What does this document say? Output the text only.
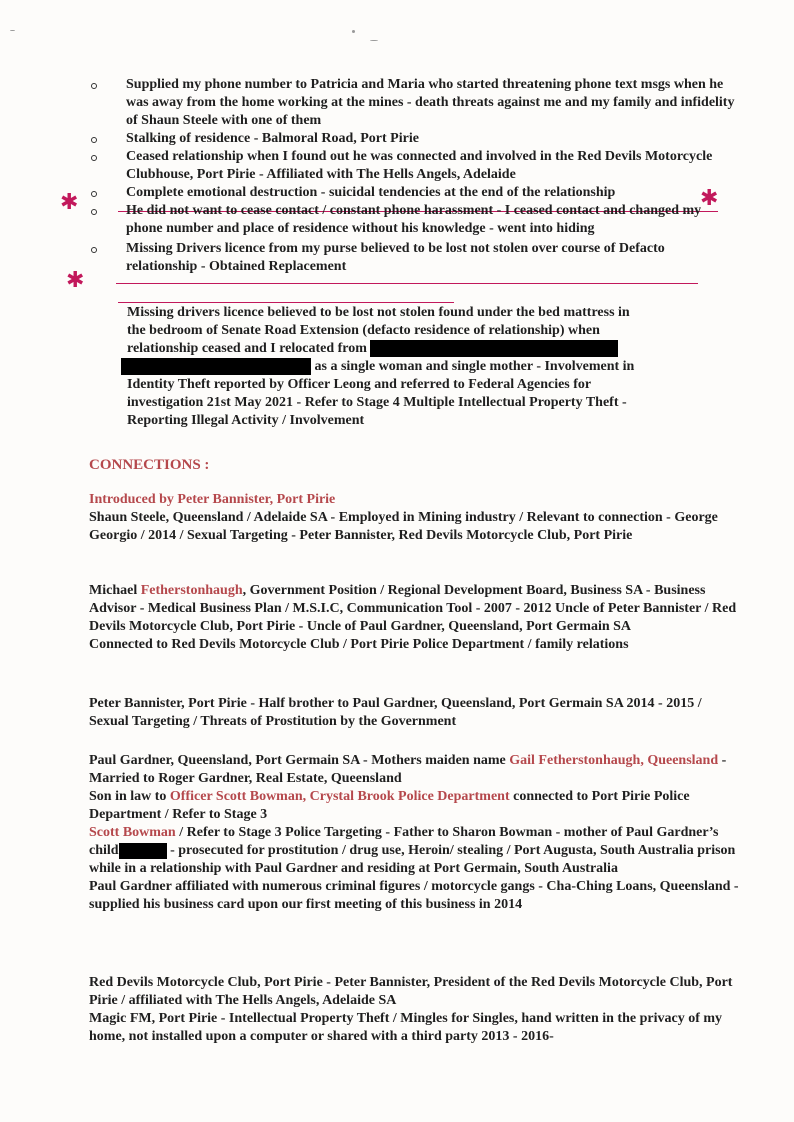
✱	✱
✱
Supplied my phone number to Patricia and Maria who started threatening phone text msgs when he was away from the home working at the mines - death threats against me and my family and infidelity of Shaun Steele with one of them
Stalking of residence - Balmoral Road, Port Pirie
Ceased relationship when I found out he was connected and involved in the Red Devils Motorcycle Clubhouse, Port Pirie - Affiliated with The Hells Angels, Adelaide
Complete emotional destruction - suicidal tendencies at the end of the relationship
He did not want to cease contact / constant phone harassment - I ceased contact and changed my phone number and place of residence without his knowledge - went into hiding
Missing Drivers licence from my purse believed to be lost not stolen over course of Defacto relationship - Obtained Replacement

Missing drivers licence believed to be lost not stolen found under the bed mattress in

the bedroom of Senate Road Extension (defacto residence of relationship) when

relationship ceased and I relocated from

as a single woman and single mother - Involvement in

Identity Theft reported by Officer Leong and referred to Federal Agencies for

investigation 21st May 2021 - Refer to Stage 4 Multiple Intellectual Property Theft -

Reporting Illegal Activity / Involvement

CONNECTIONS :

Introduced by Peter Bannister, Port Pirie

Shaun Steele, Queensland / Adelaide SA - Employed in Mining industry / Relevant to connection - George Georgio / 2014 / Sexual Targeting - Peter Bannister, Red Devils Motorcycle Club, Port Pirie

Michael Fetherstonhaugh, Government Position / Regional Development Board, Business SA - Business Advisor - Medical Business Plan / M.S.I.C, Communication Tool - 2007 - 2012 Uncle of Peter Bannister / Red Devils Motorcycle Club, Port Pirie - Uncle of Paul Gardner, Queensland, Port Germain SA

Connected to Red Devils Motorcycle Club / Port Pirie Police Department / family relations

Peter Bannister, Port Pirie - Half brother to Paul Gardner, Queensland, Port Germain SA 2014 - 2015 / Sexual Targeting / Threats of Prostitution by the Government

Paul Gardner, Queensland, Port Germain SA - Mothers maiden name Gail Fetherstonhaugh, Queensland - Married to Roger Gardner, Real Estate, Queensland

Son in law to Officer Scott Bowman, Crystal Brook Police Department connected to Port Pirie Police Department / Refer to Stage 3

Scott Bowman / Refer to Stage 3 Police Targeting - Father to Sharon Bowman - mother of Paul Gardner’s child	- prosecuted for prostitution / drug use, Heroin/ stealing / Port Augusta, South Australia prison while in a relationship with Paul Gardner and residing at Port Germain, South Australia

Paul Gardner affiliated with numerous criminal figures / motorcycle gangs - Cha-Ching Loans, Queensland - supplied his business card upon our first meeting of this business in 2014

Red Devils Motorcycle Club, Port Pirie - Peter Bannister, President of the Red Devils Motorcycle Club, Port Pirie / affiliated with The Hells Angels, Adelaide SA

Magic FM, Port Pirie - Intellectual Property Theft / Mingles for Singles, hand written in the privacy of my home, not installed upon a computer or shared with a third party 2013 - 2016-
